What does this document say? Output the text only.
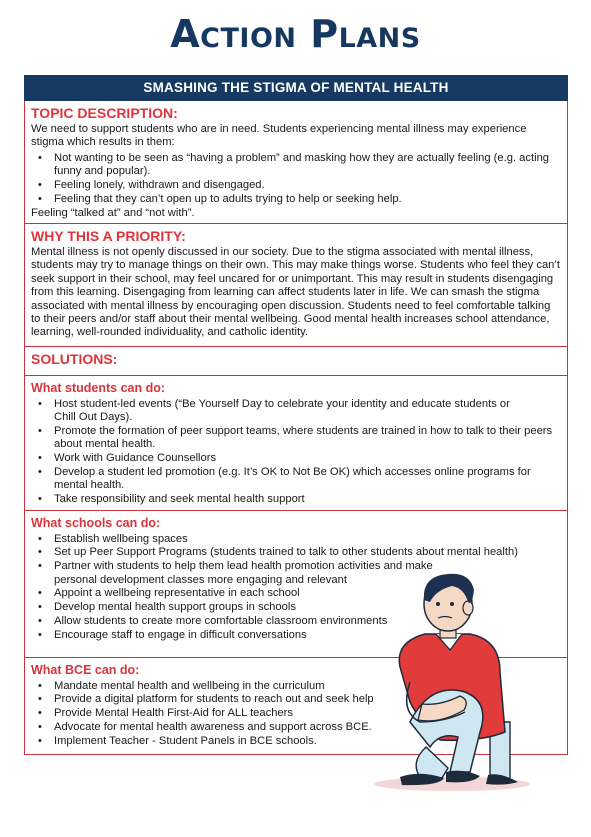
Action Plans
SMASHING THE STIGMA OF MENTAL HEALTH
TOPIC DESCRIPTION:

We need to support students who are in need. Students experiencing mental illness may experience stigma which results in them:

• Not wanting to be seen as “having a problem” and masking how they are actually feeling (e.g. acting funny and popular).
• Feeling lonely, withdrawn and disengaged.
• Feeling that they can’t open up to adults trying to help or seeking help.

Feeling “talked at” and “not with”.

WHY THIS A PRIORITY:

Mental illness is not openly discussed in our society. Due to the stigma associated with mental illness, students may try to manage things on their own. This may make things worse. Students who feel they can’t seek support in their school, may feel uncared for or unimportant. This may result in students disengaging from this learning. Disengaging from learning can affect students later in life. We can smash the stigma associated with mental illness by encouraging open discussion. Students need to feel comfortable talking to their peers and/or staff about their mental wellbeing. Good mental health increases school attendance, learning, well-rounded individuality, and catholic identity.

SOLUTIONS:
What students can do:
• Host student-led events (“Be Yourself Day to celebrate your identity and educate students or Chill Out Days).
• Promote the formation of peer support teams, where students are trained in how to talk to their peers about mental health.
• Work with Guidance Counsellors
• Develop a student led promotion (e.g. It’s OK to Not Be OK) which accesses online programs for mental health.
• Take responsibility and seek mental health support
What schools can do:
• Establish wellbeing spaces
• Set up Peer Support Programs (students trained to talk to other students about mental health)
• Partner with students to help them lead health promotion activities and make personal development classes more engaging and relevant
• Appoint a wellbeing representative in each school
• Develop mental health support groups in schools
• Allow students to create more comfortable classroom environments
• Encourage staff to engage in difficult conversations
What BCE can do:
• Mandate mental health and wellbeing in the curriculum
• Provide a digital platform for students to reach out and seek help
• Provide Mental Health First-Aid for ALL teachers
• Advocate for mental health awareness and support across BCE.
• Implement Teacher - Student Panels in BCE schools.
